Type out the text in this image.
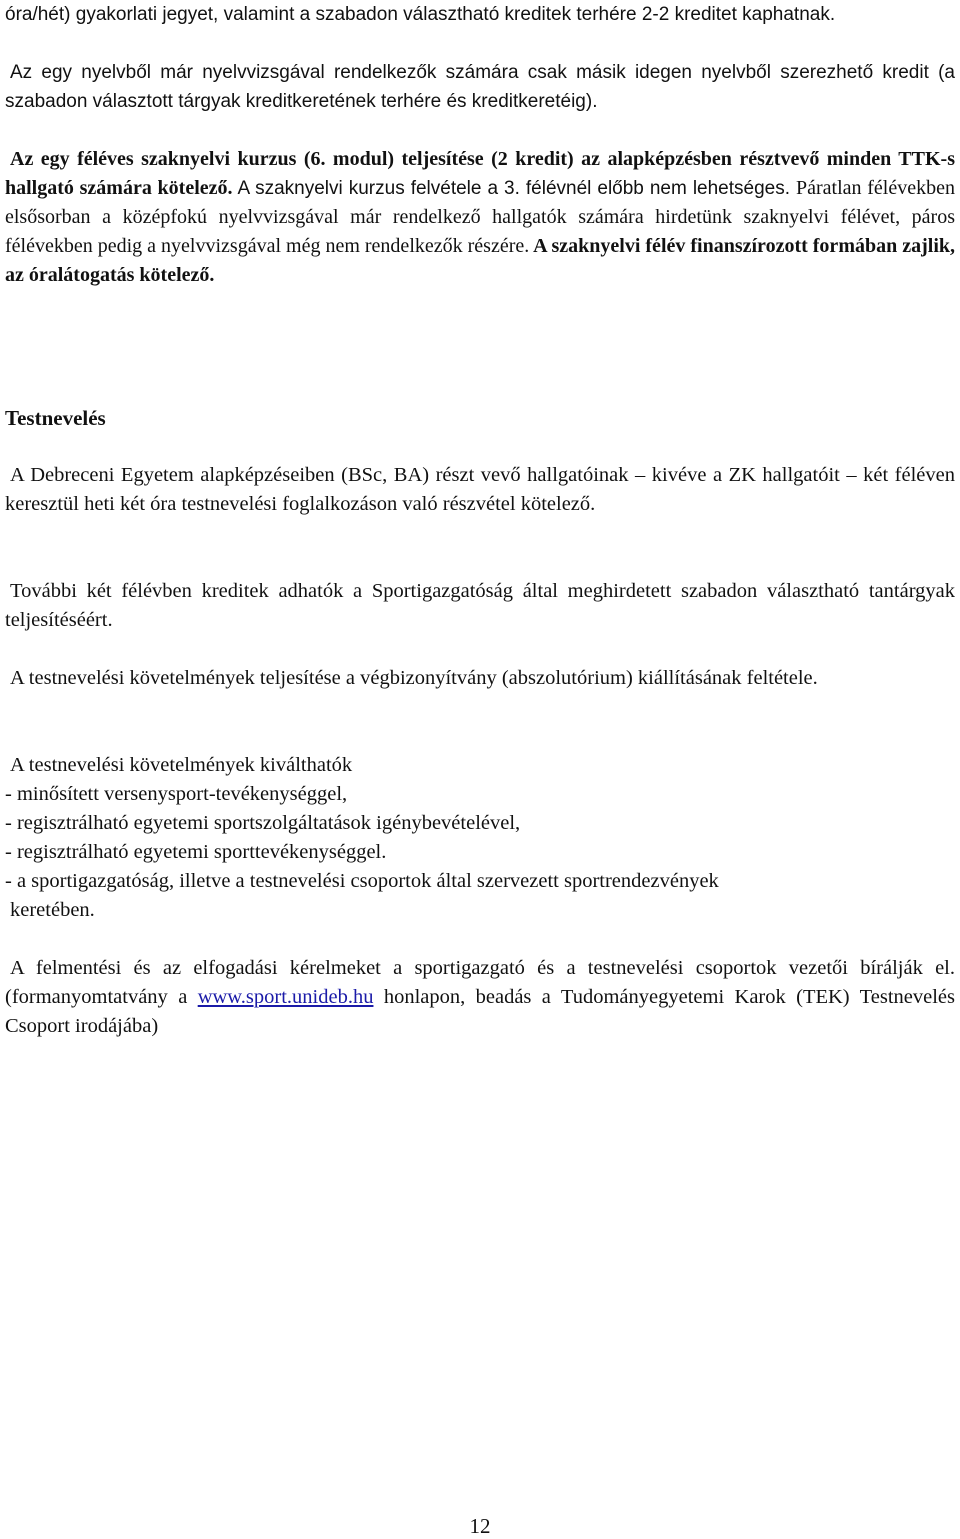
óra/hét) gyakorlati jegyet, valamint a szabadon választható kreditek terhére 2-2 kreditet kaphatnak.

Az egy nyelvből már nyelvvizsgával rendelkezők számára csak másik idegen nyelvből szerezhető kredit (a szabadon választott tárgyak kreditkeretének terhére és kreditkeretéig).

Az egy féléves szaknyelvi kurzus (6. modul) teljesítése (2 kredit) az alapképzésben résztvevő minden TTK-s hallgató számára kötelező. A szaknyelvi kurzus felvétele a 3. félévnél előbb nem lehetséges. Páratlan félévekben elsősorban a középfokú nyelvvizsgával már rendelkező hallgatók számára hirdetünk szaknyelvi félévet, páros félévekben pedig a nyelvvizsgával még nem rendelkezők részére. A szaknyelvi félév finanszírozott formában zajlik, az óralátogatás kötelező.

Testnevelés

A Debreceni Egyetem alapképzéseiben (BSc, BA) részt vevő hallgatóinak – kivéve a ZK hallgatóit – két féléven keresztül heti két óra testnevelési foglalkozáson való részvétel kötelező.

További két félévben kreditek adhatók a Sportigazgatóság által meghirdetett szabadon választható tantárgyak teljesítéséért.

A testnevelési követelmények teljesítése a végbizonyítvány (abszolutórium) kiállításának feltétele.

A testnevelési követelmények kiválthatók

- minősített versenysport-tevékenységgel,

- regisztrálható egyetemi sportszolgáltatások igénybevételével,

- regisztrálható egyetemi sporttevékenységgel.

- a sportigazgatóság, illetve a testnevelési csoportok által szervezett sportrendezvények

keretében.

A felmentési és az elfogadási kérelmeket a sportigazgató és a testnevelési csoportok vezetői bírálják el. (formanyomtatvány a www.sport.unideb.hu honlapon, beadás a Tudományegyetemi Karok (TEK) Testnevelés Csoport irodájába)

12
